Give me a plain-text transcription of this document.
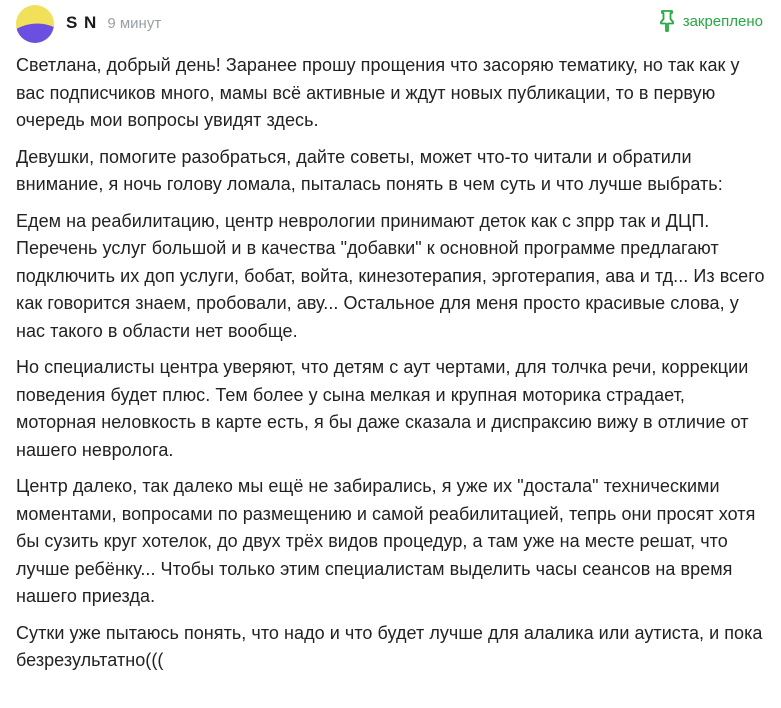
S N 9 минут	закреплено

Светлана, добрый день! Заранее прошу прощения что засоряю тематику, но так как у вас подписчиков много, мамы всё активные и ждут новых публикации, то в первую очередь мои вопросы увидят здесь.

Девушки, помогите разобраться, дайте советы, может что-то читали и обратили внимание, я ночь голову ломала, пыталась понять в чем суть и что лучше выбрать:

Едем на реабилитацию, центр неврологии принимают деток как с зпрр так и ДЦП. Перечень услуг большой и в качества "добавки" к основной программе предлагают подключить их доп услуги, бобат, войта, кинезотерапия, эрготерапия, ава и тд... Из всего как говорится знаем, пробовали, аву... Остальное для меня просто красивые слова, у нас такого в области нет вообще.

Но специалисты центра уверяют, что детям с аут чертами, для толчка речи, коррекции поведения будет плюс. Тем более у сына мелкая и крупная моторика страдает, моторная неловкость в карте есть, я бы даже сказала и диспраксию вижу в отличие от нашего невролога.

Центр далеко, так далеко мы ещё не забирались, я уже их "достала" техническими моментами, вопросами по размещению и самой реабилитацией, тепрь они просят хотя бы сузить круг хотелок, до двух трёх видов процедур, а там уже на месте решат, что лучше ребёнку... Чтобы только этим специалистам выделить часы сеансов на время нашего приезда.

Сутки уже пытаюсь понять, что надо и что будет лучше для алалика или аутиста, и пока безрезультатно(((
